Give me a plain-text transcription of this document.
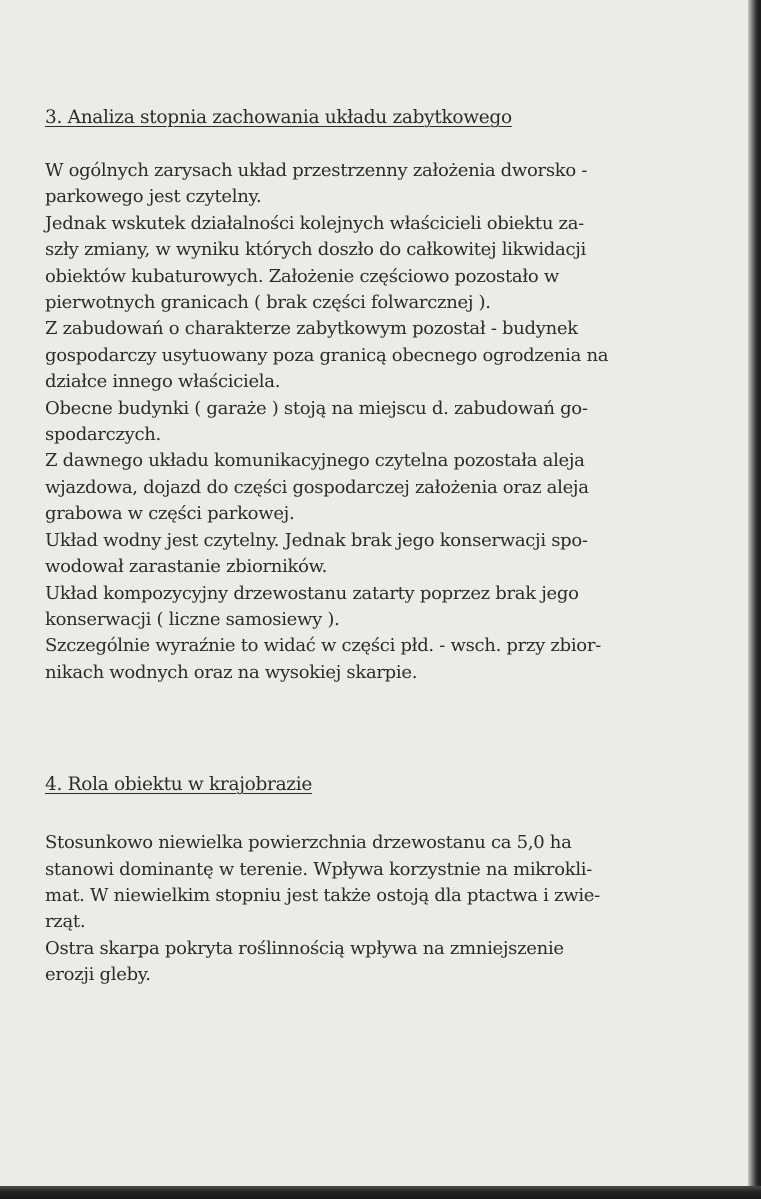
3. Analiza stopnia zachowania układu zabytkowego

W ogólnych zarysach układ przestrzenny założenia dworsko -

parkowego jest czytelny.

Jednak wskutek działalności kolejnych właścicieli obiektu za-

szły zmiany, w wyniku których doszło do całkowitej likwidacji

obiektów kubaturowych. Założenie częściowo pozostało w

pierwotnych granicach ( brak części folwarcznej ).

Z zabudowań o charakterze zabytkowym pozostał - budynek

gospodarczy usytuowany poza granicą obecnego ogrodzenia na

działce innego właściciela.

Obecne budynki ( garaże ) stoją na miejscu d. zabudowań go-

spodarczych.

Z dawnego układu komunikacyjnego czytelna pozostała aleja

wjazdowa, dojazd do części gospodarczej założenia oraz aleja

grabowa w części parkowej.

Układ wodny jest czytelny. Jednak brak jego konserwacji spo-

wodował zarastanie zbiorników.

Układ kompozycyjny drzewostanu zatarty poprzez brak jego

konserwacji ( liczne samosiewy ).

Szczególnie wyraźnie to widać w części płd. - wsch. przy zbior-

nikach wodnych oraz na wysokiej skarpie.

4. Rola obiektu w krajobrazie

Stosunkowo niewielka powierzchnia drzewostanu ca 5,0 ha

stanowi dominantę w terenie. Wpływa korzystnie na mikrokli-

mat. W niewielkim stopniu jest także ostoją dla ptactwa i zwie-

rząt.

Ostra skarpa pokryta roślinnością wpływa na zmniejszenie

erozji gleby.
